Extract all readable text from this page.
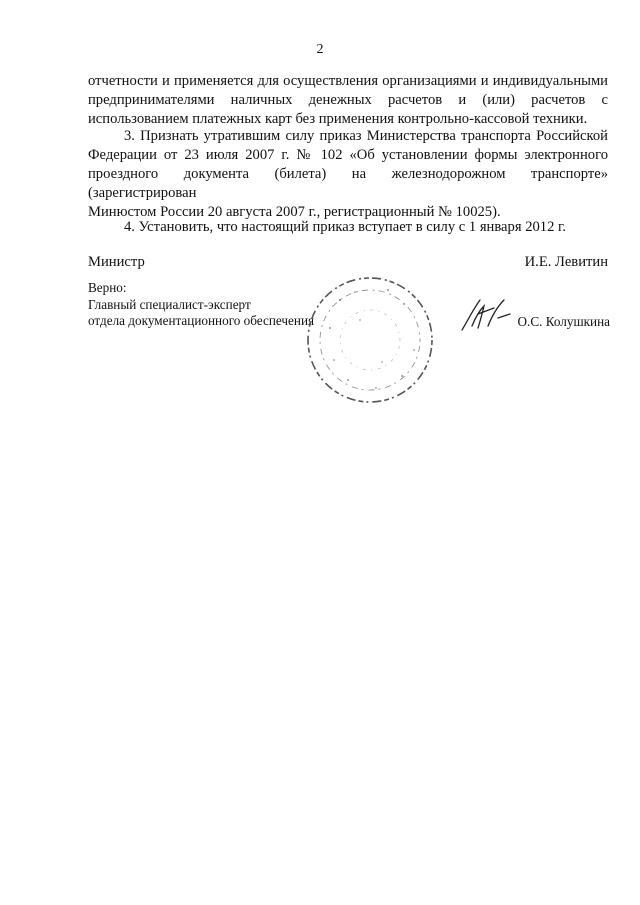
2
отчетности и применяется для осуществления организациями и индивидуальными
предпринимателями наличных денежных расчетов и (или) расчетов с
использованием платежных карт без применения контрольно-кассовой техники.
3. Признать утратившим силу приказ Министерства транспорта Российской
Федерации от 23 июля 2007 г. № 102 «Об установлении формы электронного
проездного документа (билета) на железнодорожном транспорте» (зарегистрирован
Минюстом России 20 августа 2007 г., регистрационный № 10025).
4. Установить, что настоящий приказ вступает в силу с 1 января 2012 г.
Министр	И.Е. Левитин
Верно:
Главный специалист-эксперт
отдела документационного обеспечения	О.С. Колушкина
